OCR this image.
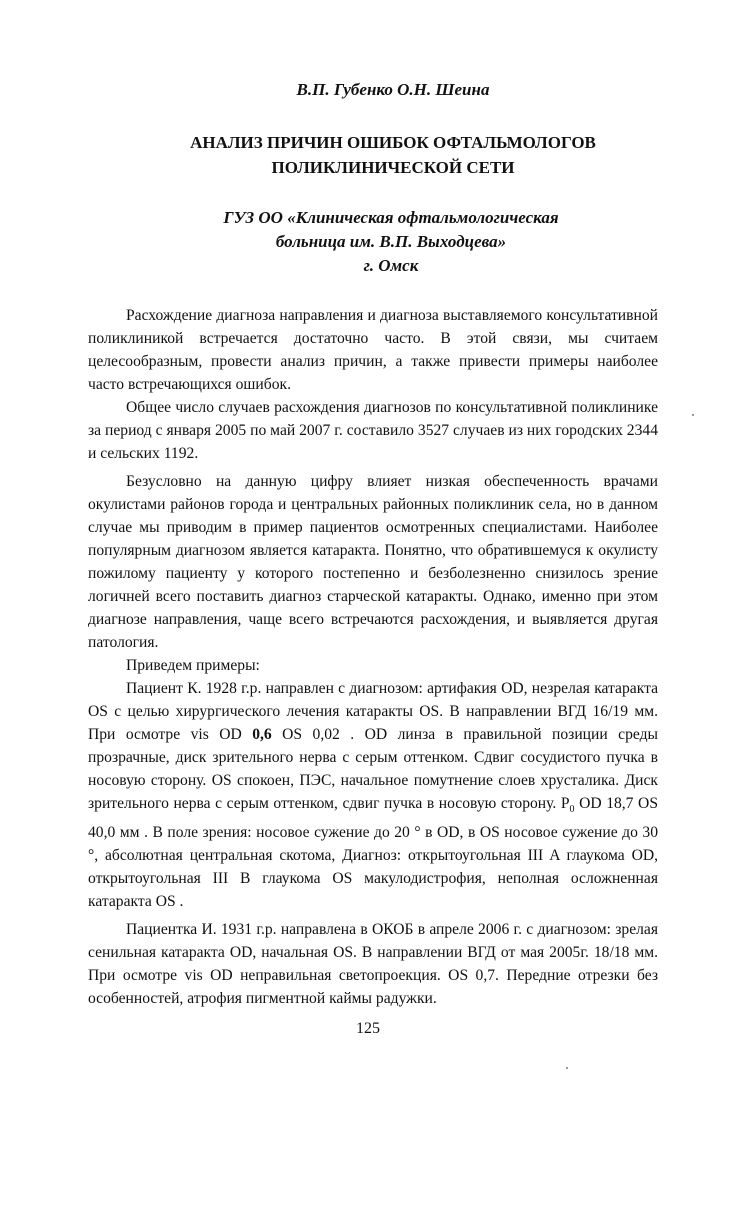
В.П. Губенко О.Н. Шеина
АНАЛИЗ ПРИЧИН ОШИБОК ОФТАЛЬМОЛОГОВ
ПОЛИКЛИНИЧЕСКОЙ СЕТИ
ГУЗ ОО «Клиническая офтальмологическая
больница им. В.П. Выходцева»
г. Омск

Расхождение диагноза направления и диагноза выставляемого консультативной поликлиникой встречается достаточно часто. В этой связи, мы считаем целесообразным, провести анализ причин, а также привести примеры наиболее часто встречающихся ошибок.

Общее число случаев расхождения диагнозов по консультативной поликлинике за период с января 2005 по май 2007 г. составило 3527 случаев из них городских 2344 и сельских 1192.

Безусловно на данную цифру влияет низкая обеспеченность врачами окулистами районов города и центральных районных поликлиник села, но в данном случае мы приводим в пример пациентов осмотренных специалистами. Наиболее популярным диагнозом является катаракта. Понятно, что обратившемуся к окулисту пожилому пациенту у которого постепенно и безболезненно снизилось зрение логичней всего поставить диагноз старческой катаракты. Однако, именно при этом диагнозе направления, чаще всего встречаются расхождения, и выявляется другая патология.

Приведем примеры:

Пациент К. 1928 г.р. направлен с диагнозом: артифакия OD, незрелая катаракта OS с целью хирургического лечения катаракты OS. В направлении ВГД 16/19 мм. При осмотре vis OD 0,6 OS 0,02 . OD линза в правильной позиции среды прозрачные, диск зрительного нерва с серым оттенком. Сдвиг сосудистого пучка в носовую сторону. OS спокоен, ПЭС, начальное помутнение слоев хрусталика. Диск зрительного нерва с серым оттенком, сдвиг пучка в носовую сторону. $P_0$ OD 18,7 OS 40,0 мм . В поле зрения: носовое сужение до 20 ° в OD, в OS носовое сужение до 30 °, абсолютная центральная скотома, Диагноз: открытоугольная III A глаукома OD, открытоугольная III B глаукома OS макулодистрофия, неполная осложненная катаракта OS .

Пациентка И. 1931 г.р. направлена в ОКОБ в апреле 2006 г. с диагнозом: зрелая сенильная катаракта OD, начальная OS. В направлении ВГД от мая 2005г. 18/18 мм. При осмотре vis OD неправильная светопроекция. OS 0,7. Передние отрезки без особенностей, атрофия пигментной каймы радужки.

125
